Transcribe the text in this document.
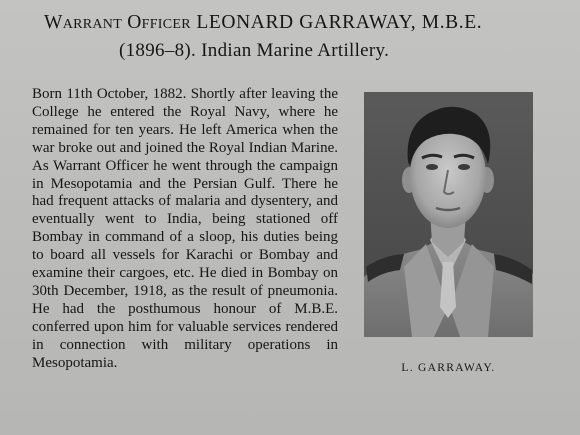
Warrant Officer LEONARD GARRAWAY, M.B.E.
(1896–8). Indian Marine Artillery.
Born 11th October, 1882. Shortly after leaving the College he entered the Royal Navy, where he remained for ten years. He left America when the war broke out and joined the Royal Indian Marine. As Warrant Officer he went through the campaign in Mesopotamia and the Persian Gulf. There he had frequent attacks of malaria and dysentery, and eventually went to India, being stationed off Bombay in command of a sloop, his duties being to board all vessels for Karachi or Bombay and examine their cargoes, etc. He died in Bombay on 30th December, 1918, as the result of pneumonia. He had the posthumous honour of M.B.E. conferred upon him for valuable services rendered in connection with military operations in Mesopotamia.	L. GARRAWAY.
